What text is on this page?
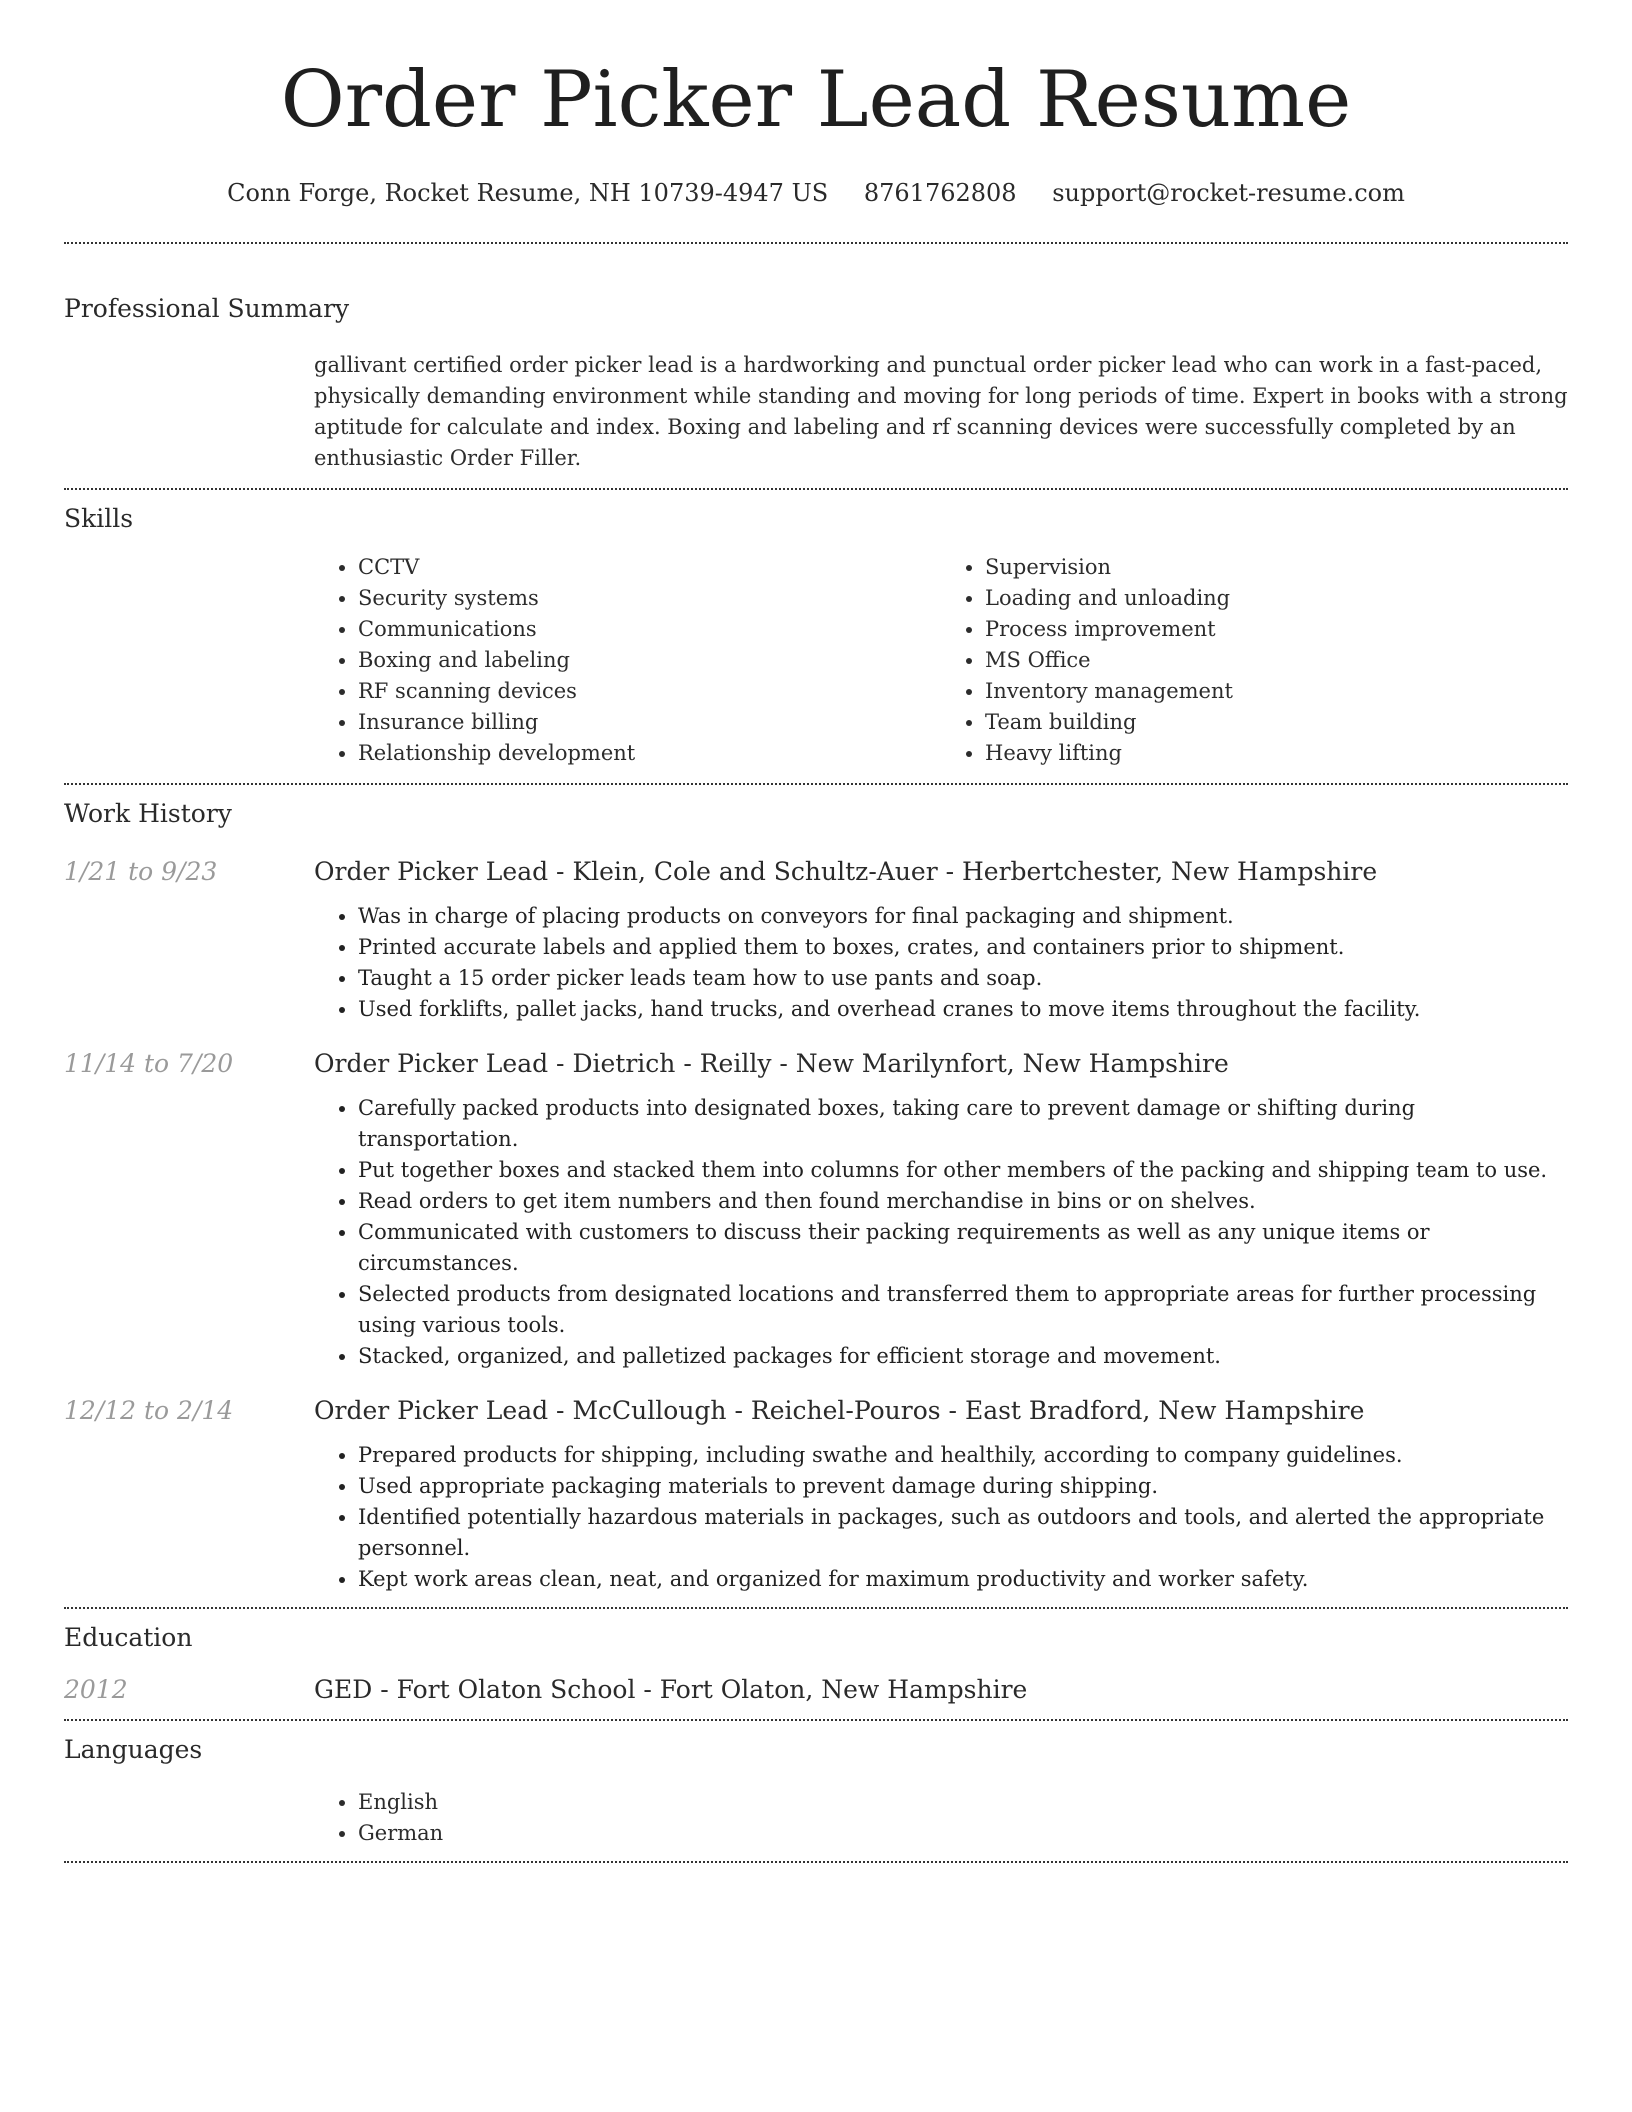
Order Picker Lead Resume
Conn Forge, Rocket Resume, NH 10739-4947 US 8761762808 support@rocket-resume.com
Professional Summary
gallivant certified order picker lead is a hardworking and punctual order picker lead who can work in a fast-paced, physically demanding environment while standing and moving for long periods of time. Expert in books with a strong aptitude for calculate and index. Boxing and labeling and rf scanning devices were successfully completed by an enthusiastic Order Filler.
Skills
• CCTV
• Security systems
• Communications
• Boxing and labeling
• RF scanning devices
• Insurance billing
• Relationship development
• Supervision
• Loading and unloading
• Process improvement
• MS Office
• Inventory management
• Team building
• Heavy lifting
Work History
1/21 to 9/23	Order Picker Lead - Klein, Cole and Schultz-Auer - Herbertchester, New Hampshire
• Was in charge of placing products on conveyors for final packaging and shipment.
• Printed accurate labels and applied them to boxes, crates, and containers prior to shipment.
• Taught a 15 order picker leads team how to use pants and soap.
• Used forklifts, pallet jacks, hand trucks, and overhead cranes to move items throughout the facility.
11/14 to 7/20	Order Picker Lead - Dietrich - Reilly - New Marilynfort, New Hampshire
• Carefully packed products into designated boxes, taking care to prevent damage or shifting during transportation.
• Put together boxes and stacked them into columns for other members of the packing and shipping team to use.
• Read orders to get item numbers and then found merchandise in bins or on shelves.
• Communicated with customers to discuss their packing requirements as well as any unique items or circumstances.
• Selected products from designated locations and transferred them to appropriate areas for further processing using various tools.
• Stacked, organized, and palletized packages for efficient storage and movement.
12/12 to 2/14	Order Picker Lead - McCullough - Reichel-Pouros - East Bradford, New Hampshire
• Prepared products for shipping, including swathe and healthily, according to company guidelines.
• Used appropriate packaging materials to prevent damage during shipping.
• Identified potentially hazardous materials in packages, such as outdoors and tools, and alerted the appropriate personnel.
• Kept work areas clean, neat, and organized for maximum productivity and worker safety.
Education
2012	GED - Fort Olaton School - Fort Olaton, New Hampshire
Languages
• English
• German
